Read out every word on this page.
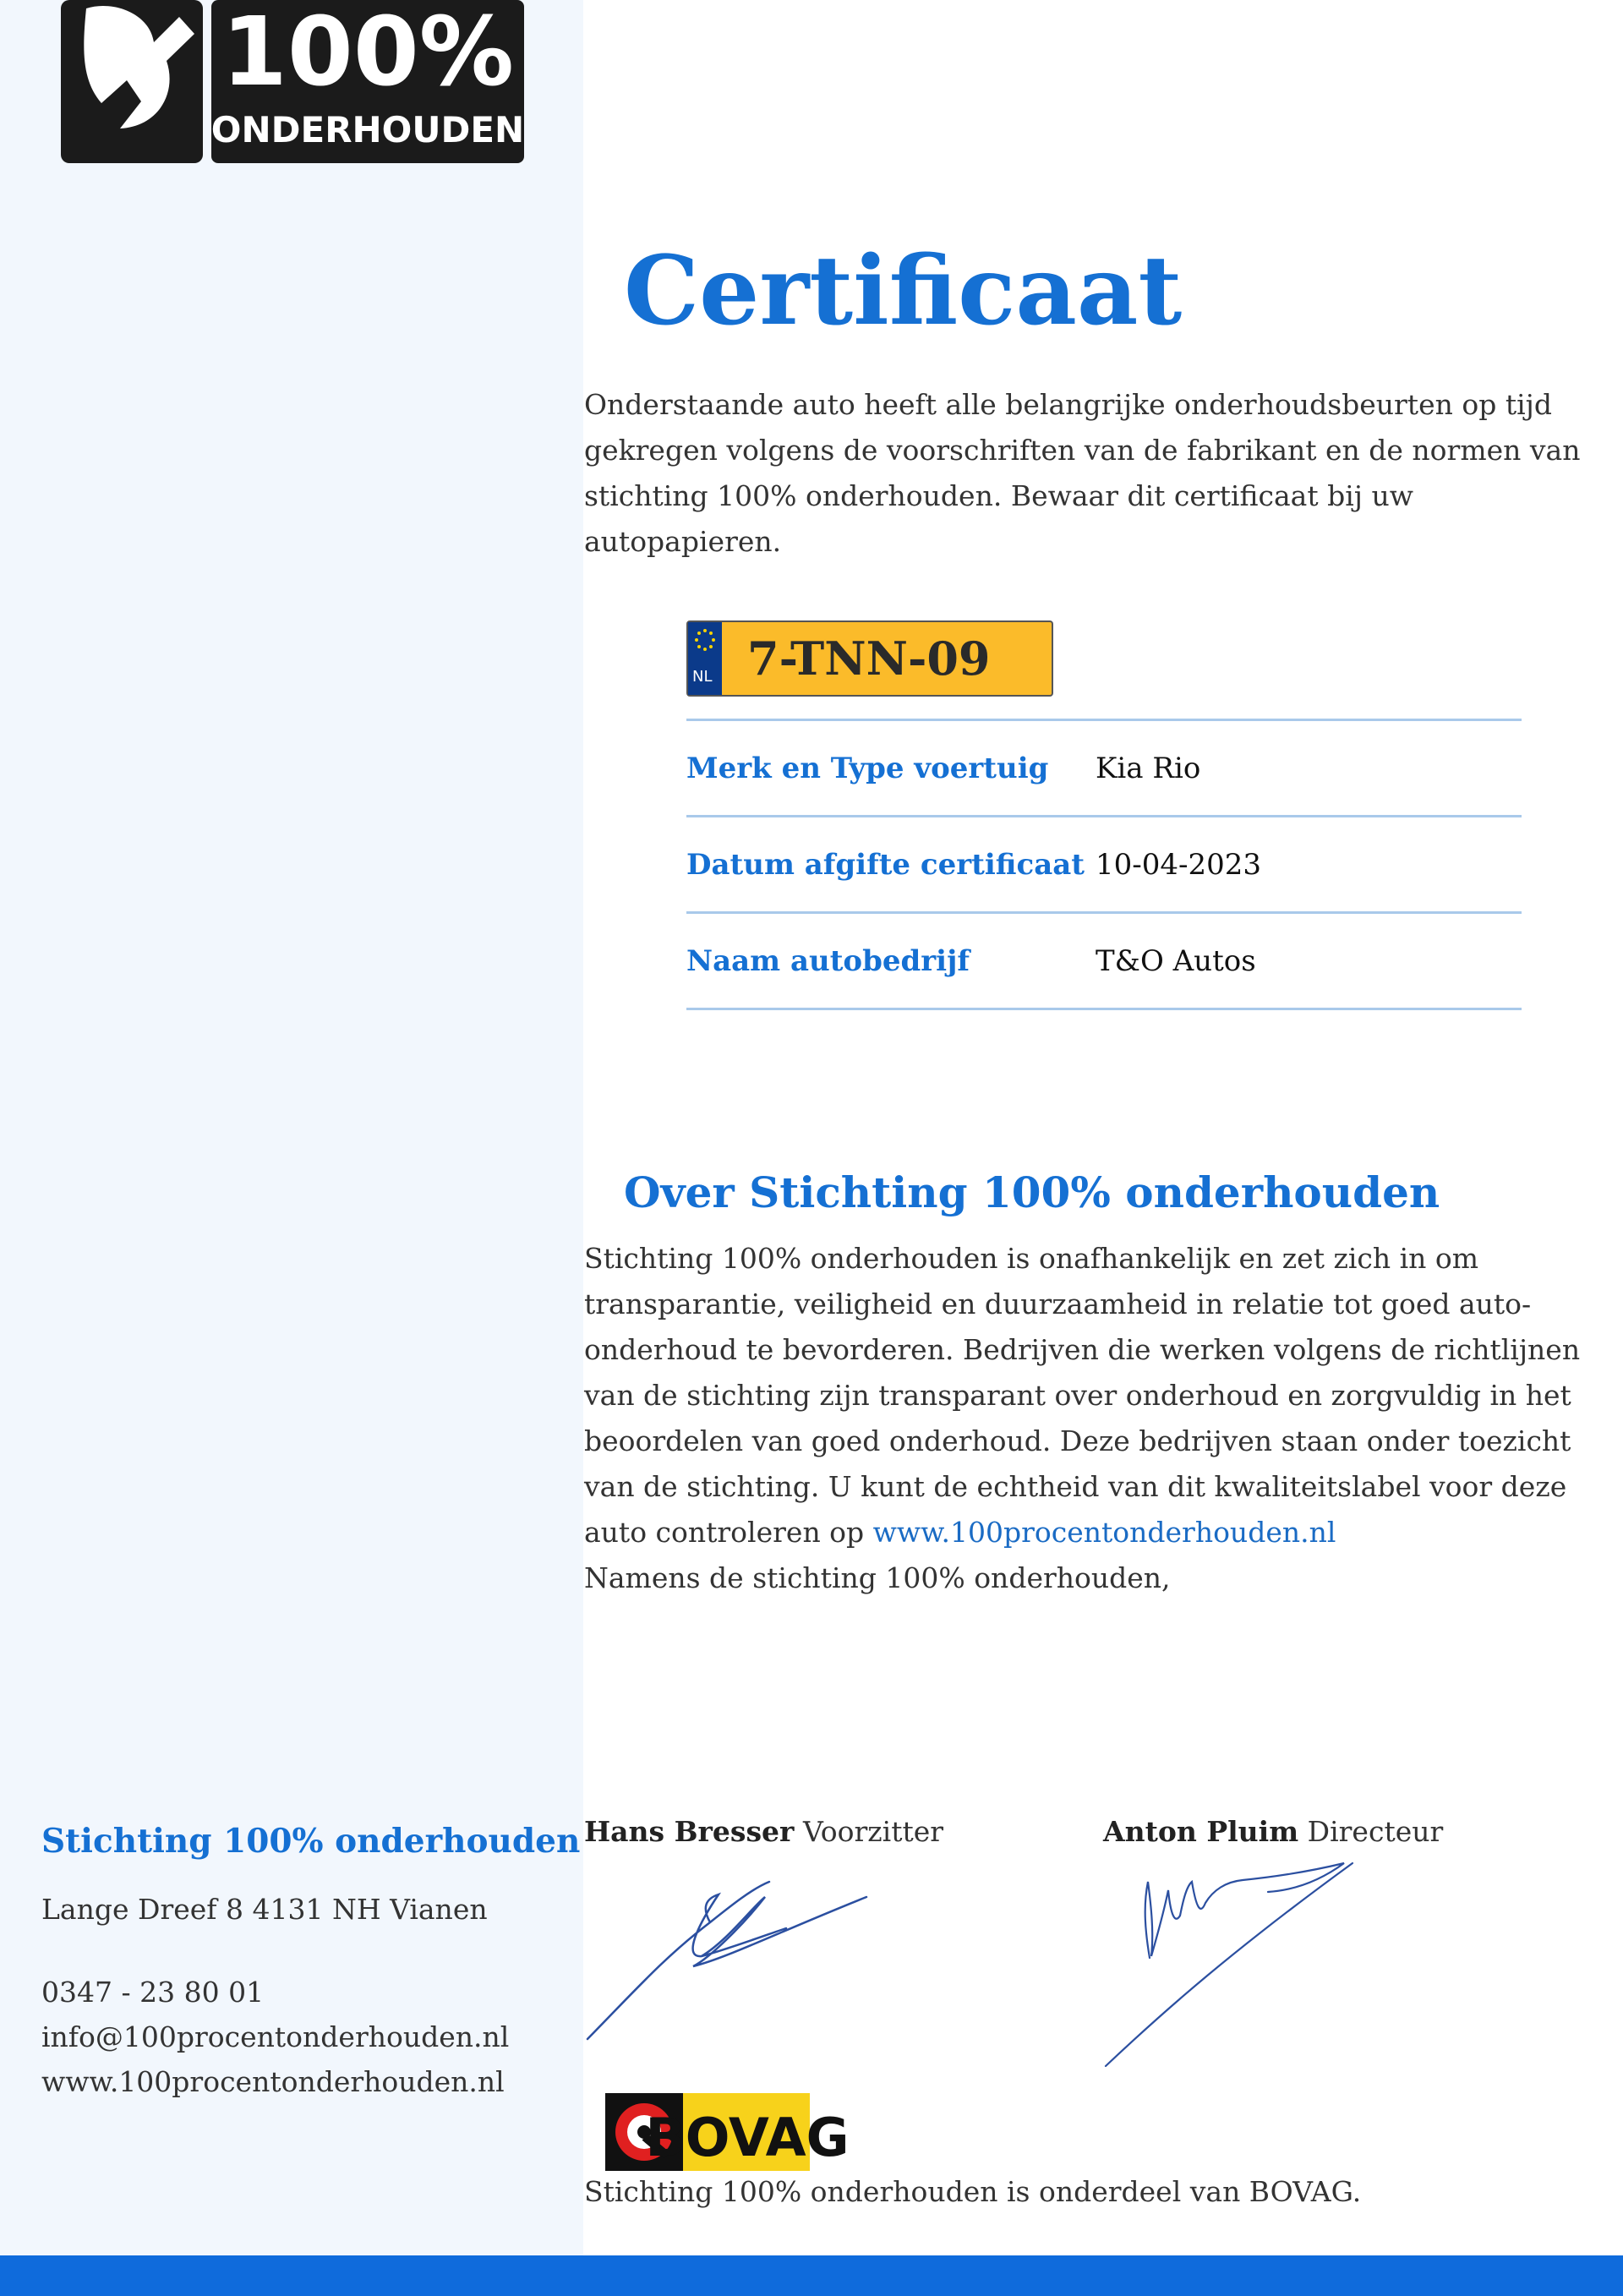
100%
ONDERHOUDEN
Certificaat

Onderstaande auto heeft alle belangrijke onderhoudsbeurten op tijd gekregen volgens de voorschriften van de fabrikant en de normen van stichting 100% onderhouden. Bewaar dit certificaat bij uw autopapieren.

NL 7-TNN-09
Merk en Type voertuig	Kia Rio
Datum afgifte certificaat 10-04-2023
Naam autobedrijf	T&O Autos
Over Stichting 100% onderhouden

Stichting 100% onderhouden is onafhankelijk en zet zich in om transparantie, veiligheid en duurzaamheid in relatie tot goed auto-onderhoud te bevorderen. Bedrijven die werken volgens de richtlijnen van de stichting zijn transparant over onderhoud en zorgvuldig in het beoordelen van goed onderhoud. Deze bedrijven staan onder toezicht van de stichting. U kunt de echtheid van dit kwaliteitslabel voor deze auto controleren op www.100procentonderhouden.nl
Namens de stichting 100% onderhouden,

Stichting 100% onderhouden

Lange Dreef 8 4131 NH Vianen

0347 - 23 80 01
info@100procentonderhouden.nl
www.100procentonderhouden.nl

Hans Bresser Voorzitter	Anton Pluim Directeur
BOVAG

Stichting 100% onderhouden is onderdeel van BOVAG.
